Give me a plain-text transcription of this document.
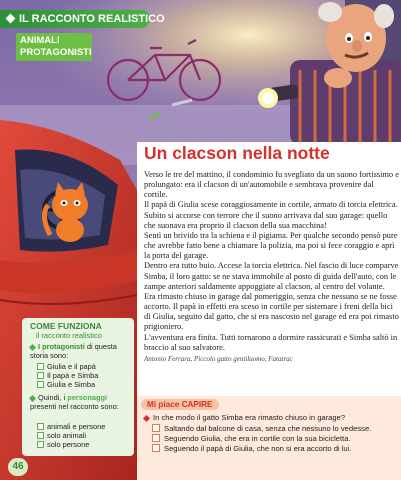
IL RACCONTO REALISTICO
ANIMALI PROTAGONISTI
Un clacson nella notte

Verso le tre del mattino, il condominio fu svegliato da un suono fortissimo e prolungato: era il clacson di un'automobile e sembrava provenire dal cortile.

Il papà di Giulia scese coraggiosamente in cortile, armato di torcia elettrica. Subito si accorse con terrore che il suono arrivava dal suo garage: quello che suonava era proprio il clacson della sua macchina!

Sentì un brivido tra la schiena e il pigiama. Per qualche secondo pensò pure che avrebbe fatto bene a chiamare la polizia, ma poi si fece coraggio e aprì la porta del garage.

Dentro era tutto buio. Accese la torcia elettrica. Nel fascio di luce comparve Simba, il loro gatto: se ne stava immobile al posto di guida dell'auto, con le zampe anteriori saldamente appoggiate al clacson, al centro del volante.

Era rimasto chiuso in garage dal pomeriggio, senza che nessuno se ne fosse accorto. Il papà in effetti era sceso in cortile per sistemare i freni della bici di Giulia, seguito dal gatto, che si era nascosto nel garage ed era poi rimasto prigioniero.

L'avventura era finita. Tutti tornarono a dormire rassicurati e Simba saltò in braccio al suo salvatore.

Antonio Ferrara, Piccolo gatto gentiluomo, Fatatrac

COME FUNZIONA
il racconto realistico
I protagonisti di questa storia sono:
Giulia e il papà
Il papà e Simba
Giulia e Simba
Quindi, i personaggi presenti nel racconto sono:
animali e persone
solo animali
solo persone
46
Mi piace CAPIRE
In che modo il gatto Simba era rimasto chiuso in garage?
Saltando dal balcone di casa, senza che nessuno lo vedesse.
Seguendo Giulia, che era in cortile con la sua bicicletta.
Seguendo il papà di Giulia, che non si era accorto di lui.
